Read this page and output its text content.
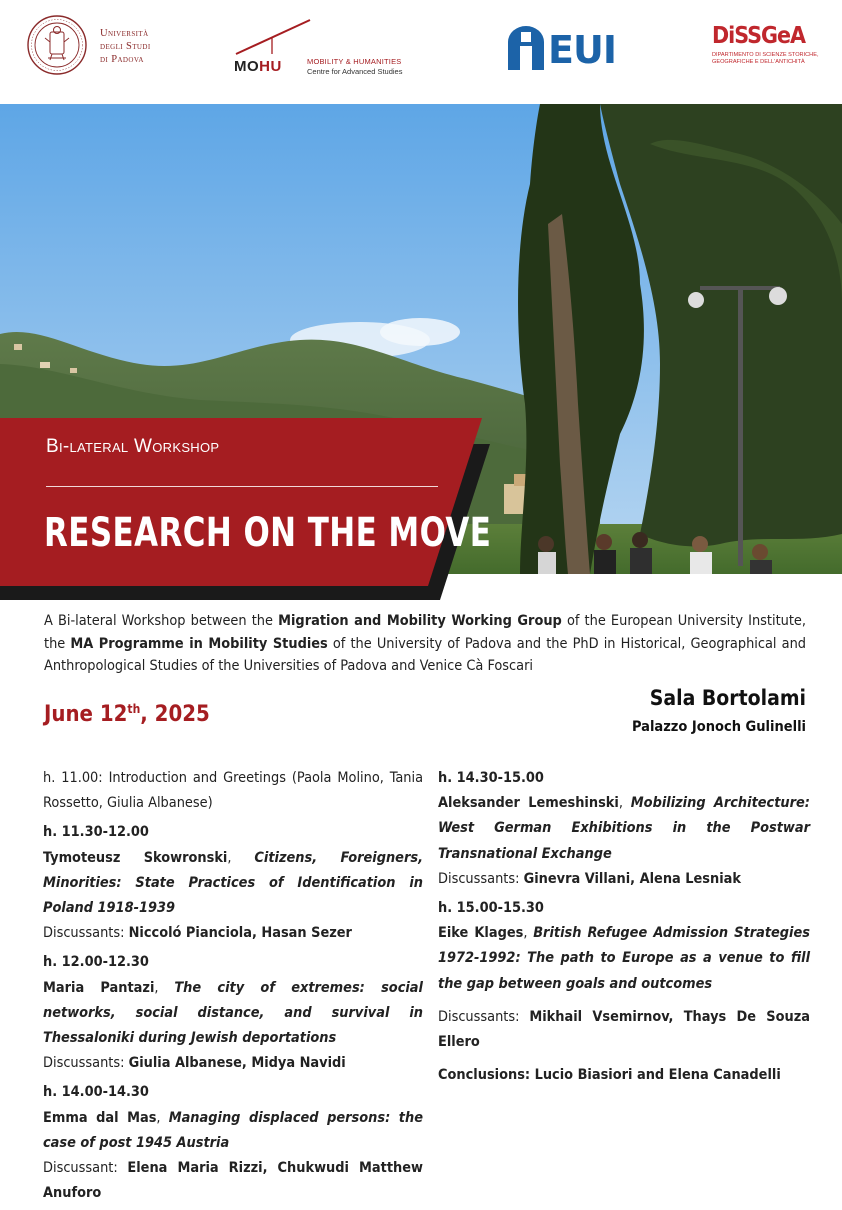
Università
degli Studi
di Padova	MOHU	MOBILITY & HUMANITIES
Centre for Advanced Studies	EUI	DiSSGeA
DIPARTIMENTO DI SCIENZE STORICHE,
GEOGRAFICHE E DELL'ANTICHITÀ
Bi-lateral Workshop
RESEARCH ON THE MOVE
A Bi-lateral Workshop between the Migration and Mobility Working Group of the European University Institute, the MA Programme in Mobility Studies of the University of Padova and the PhD in Historical, Geographical and Anthropological Studies of the Universities of Padova and Venice Cà Foscari
June 12th, 2025
Sala Bortolami
Palazzo Jonoch Gulinelli

h. 11.00: Introduction and Greetings (Paola Molino, Tania Rossetto, Giulia Albanese)

h. 11.30-12.00

Tymoteusz Skowronski, Citizens, Foreigners, Minorities: State Practices of Identification in Poland 1918-1939

Discussants: Niccoló Pianciola, Hasan Sezer

h. 12.00-12.30

Maria Pantazi, The city of extremes: social networks, social distance, and survival in Thessaloniki during Jewish deportations

Discussants: Giulia Albanese, Midya Navidi

h. 14.00-14.30

Emma dal Mas, Managing displaced persons: the case of post 1945 Austria

Discussant: Elena Maria Rizzi, Chukwudi Matthew Anuforo

h. 14.30-15.00

Aleksander Lemeshinski, Mobilizing Architecture: West German Exhibitions in the Postwar Transnational Exchange

Discussants: Ginevra Villani, Alena Lesniak

h. 15.00-15.30

Eike Klages, British Refugee Admission Strategies 1972-1992: The path to Europe as a venue to fill the gap between goals and outcomes

Discussants: Mikhail Vsemirnov, Thays De Souza Ellero

Conclusions: Lucio Biasiori and Elena Canadelli
